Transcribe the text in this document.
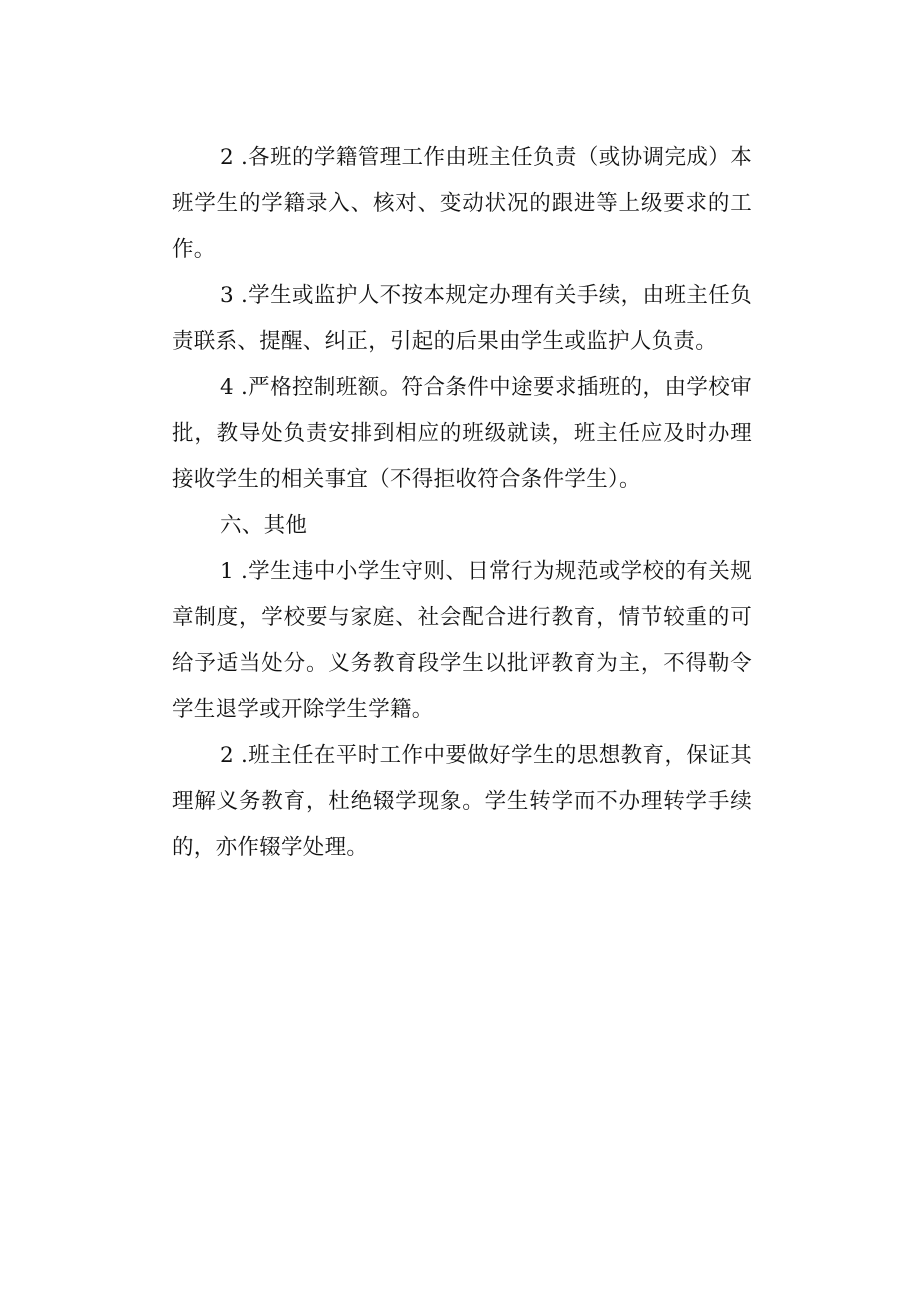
2 .各班的学籍管理工作由班主任负责（或协调完成）本班学生的学籍录入、核对、变动状况的跟进等上级要求的工作。

3 .学生或监护人不按本规定办理有关手续，由班主任负责联系、提醒、纠正，引起的后果由学生或监护人负责。

4 .严格控制班额。符合条件中途要求插班的，由学校审批，教导处负责安排到相应的班级就读，班主任应及时办理接收学生的相关事宜（不得拒收符合条件学生）。

六、其他

1 .学生违中小学生守则、日常行为规范或学校的有关规章制度，学校要与家庭、社会配合进行教育，情节较重的可给予适当处分。义务教育段学生以批评教育为主，不得勒令学生退学或开除学生学籍。

2 .班主任在平时工作中要做好学生的思想教育，保证其理解义务教育，杜绝辍学现象。学生转学而不办理转学手续的，亦作辍学处理。
